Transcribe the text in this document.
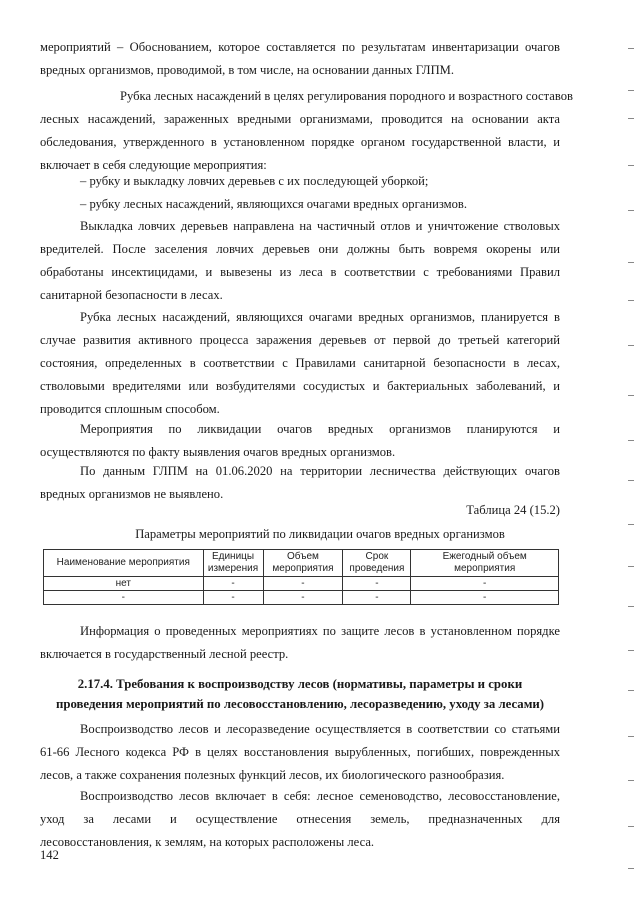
мероприятий – Обоснованием, которое составляется по результатам инвентаризации очагов
вредных организмов, проводимой, в том числе, на основании данных ГЛПМ.
Рубка лесных насаждений в целях регулирования породного и возрастного составов
лесных насаждений, зараженных вредными организмами, проводится на основании акта
обследования, утвержденного в установленном порядке органом государственной власти, и
включает в себя следующие мероприятия:
– рубку и выкладку ловчих деревьев с их последующей уборкой;
– рубку лесных насаждений, являющихся очагами вредных организмов.
Выкладка ловчих деревьев направлена на частичный отлов и уничтожение стволовых
вредителей. После заселения ловчих деревьев они должны быть вовремя окорены или
обработаны инсектицидами, и вывезены из леса в соответствии с требованиями Правил
санитарной безопасности в лесах.
Рубка лесных насаждений, являющихся очагами вредных организмов, планируется в
случае развития активного процесса заражения деревьев от первой до третьей категорий
состояния, определенных в соответствии с Правилами санитарной безопасности в лесах,
стволовыми вредителями или возбудителями сосудистых и бактериальных заболеваний, и
проводится сплошным способом.
Мероприятия по ликвидации очагов вредных организмов планируются и
осуществляются по факту выявления очагов вредных организмов.
По данным ГЛПМ на 01.06.2020 на территории лесничества действующих очагов
вредных организмов не выявлено.
Таблица 24 (15.2)
Параметры мероприятий по ликвидации очагов вредных организмов
Наименование мероприятия	Единицы измерения	Объем мероприятия	Срок проведения	Ежегодный объем мероприятия
нет	-	-	-	-
-	-	-	-	-
Информация о проведенных мероприятиях по защите лесов в установленном порядке
включается в государственный лесной реестр.
2.17.4. Требования к воспроизводству лесов (нормативы, параметры и сроки
проведения мероприятий по лесовосстановлению, лесоразведению, уходу за лесами)
Воспроизводство лесов и лесоразведение осуществляется в соответствии со статьями
61-66 Лесного кодекса РФ в целях восстановления вырубленных, погибших, поврежденных
лесов, а также сохранения полезных функций лесов, их биологического разнообразия.
Воспроизводство лесов включает в себя: лесное семеноводство, лесовосстановление,
уход за лесами и осуществление отнесения земель, предназначенных для
лесовосстановления, к землям, на которых расположены леса.
142
